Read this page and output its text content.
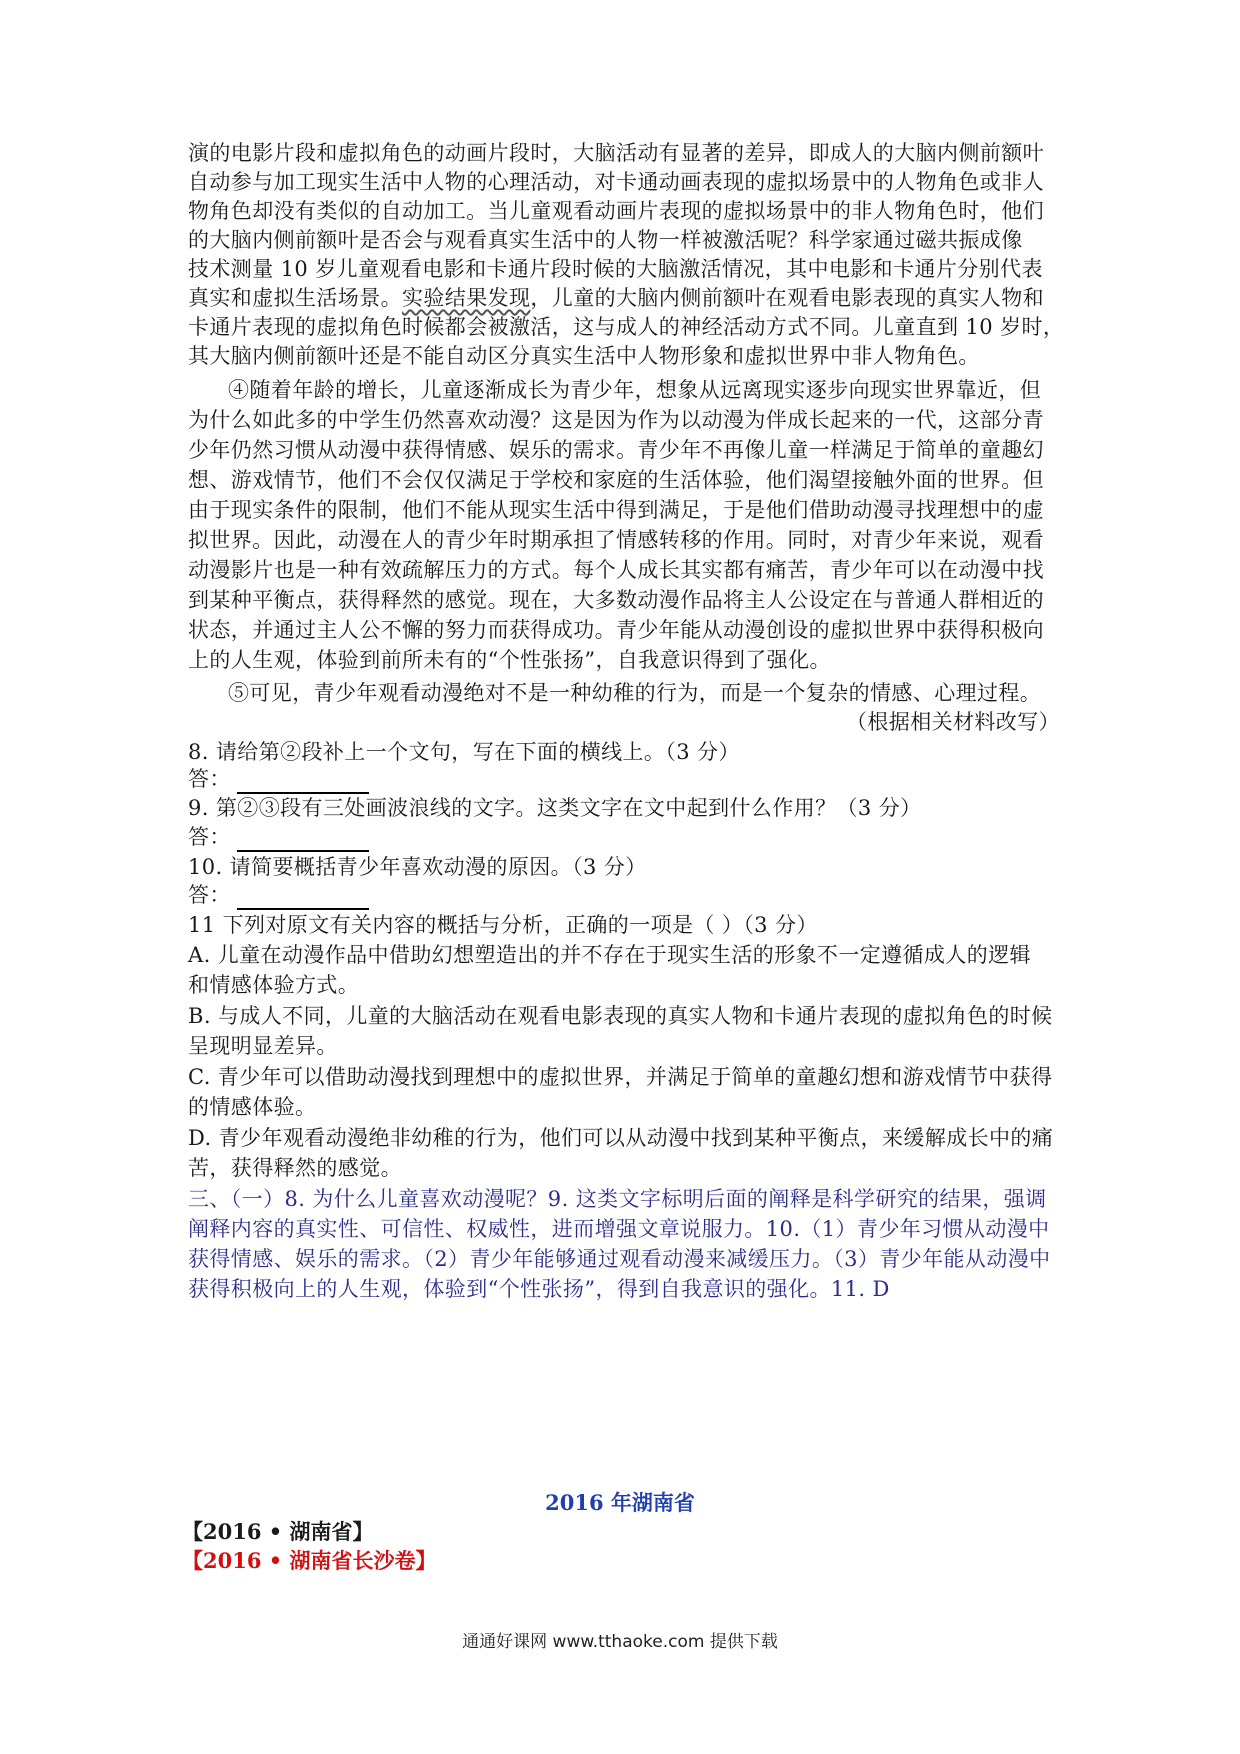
演的电影片段和虚拟角色的动画片段时，大脑活动有显著的差异，即成人的大脑内侧前额叶
自动参与加工现实生活中人物的心理活动，对卡通动画表现的虚拟场景中的人物角色或非人
物角色却没有类似的自动加工。当儿童观看动画片表现的虚拟场景中的非人物角色时，他们
的大脑内侧前额叶是否会与观看真实生活中的人物一样被激活呢？科学家通过磁共振成像
技术测量 10 岁儿童观看电影和卡通片段时候的大脑激活情况，其中电影和卡通片分别代表
真实和虚拟生活场景。实验结果发现，儿童的大脑内侧前额叶在观看电影表现的真实人物和
卡通片表现的虚拟角色时候都会被激活，这与成人的神经活动方式不同。儿童直到 10 岁时，
其大脑内侧前额叶还是不能自动区分真实生活中人物形象和虚拟世界中非人物角色。
④随着年龄的增长，儿童逐渐成长为青少年，想象从远离现实逐步向现实世界靠近，但
为什么如此多的中学生仍然喜欢动漫？这是因为作为以动漫为伴成长起来的一代，这部分青
少年仍然习惯从动漫中获得情感、娱乐的需求。青少年不再像儿童一样满足于简单的童趣幻
想、游戏情节，他们不会仅仅满足于学校和家庭的生活体验，他们渴望接触外面的世界。但
由于现实条件的限制，他们不能从现实生活中得到满足，于是他们借助动漫寻找理想中的虚
拟世界。因此，动漫在人的青少年时期承担了情感转移的作用。同时，对青少年来说，观看
动漫影片也是一种有效疏解压力的方式。每个人成长其实都有痛苦，青少年可以在动漫中找
到某种平衡点，获得释然的感觉。现在，大多数动漫作品将主人公设定在与普通人群相近的
状态，并通过主人公不懈的努力而获得成功。青少年能从动漫创设的虚拟世界中获得积极向
上的人生观，体验到前所未有的“个性张扬”，自我意识得到了强化。
⑤可见，青少年观看动漫绝对不是一种幼稚的行为，而是一个复杂的情感、心理过程。
（根据相关材料改写）
8. 请给第②段补上一个文句，写在下面的横线上。（3 分）
答：
9. 第②③段有三处画波浪线的文字。这类文字在文中起到什么作用？（3 分）
答：
10. 请简要概括青少年喜欢动漫的原因。（3 分）
答：
11 下列对原文有关内容的概括与分析，正确的一项是（ ）（3 分）
A. 儿童在动漫作品中借助幻想塑造出的并不存在于现实生活的形象不一定遵循成人的逻辑
和情感体验方式。
B. 与成人不同，儿童的大脑活动在观看电影表现的真实人物和卡通片表现的虚拟角色的时候
呈现明显差异。
C. 青少年可以借助动漫找到理想中的虚拟世界，并满足于简单的童趣幻想和游戏情节中获得
的情感体验。
D. 青少年观看动漫绝非幼稚的行为，他们可以从动漫中找到某种平衡点，来缓解成长中的痛
苦，获得释然的感觉。
三、（一）8. 为什么儿童喜欢动漫呢？9. 这类文字标明后面的阐释是科学研究的结果，强调
阐释内容的真实性、可信性、权威性，进而增强文章说服力。10.（1）青少年习惯从动漫中
获得情感、娱乐的需求。（2）青少年能够通过观看动漫来减缓压力。（3）青少年能从动漫中
获得积极向上的人生观，体验到“个性张扬”，得到自我意识的强化。11. D
2016 年湖南省
【2016 • 湖南省】
【2016 • 湖南省长沙卷】
通通好课网 www.tthaoke.com 提供下载
